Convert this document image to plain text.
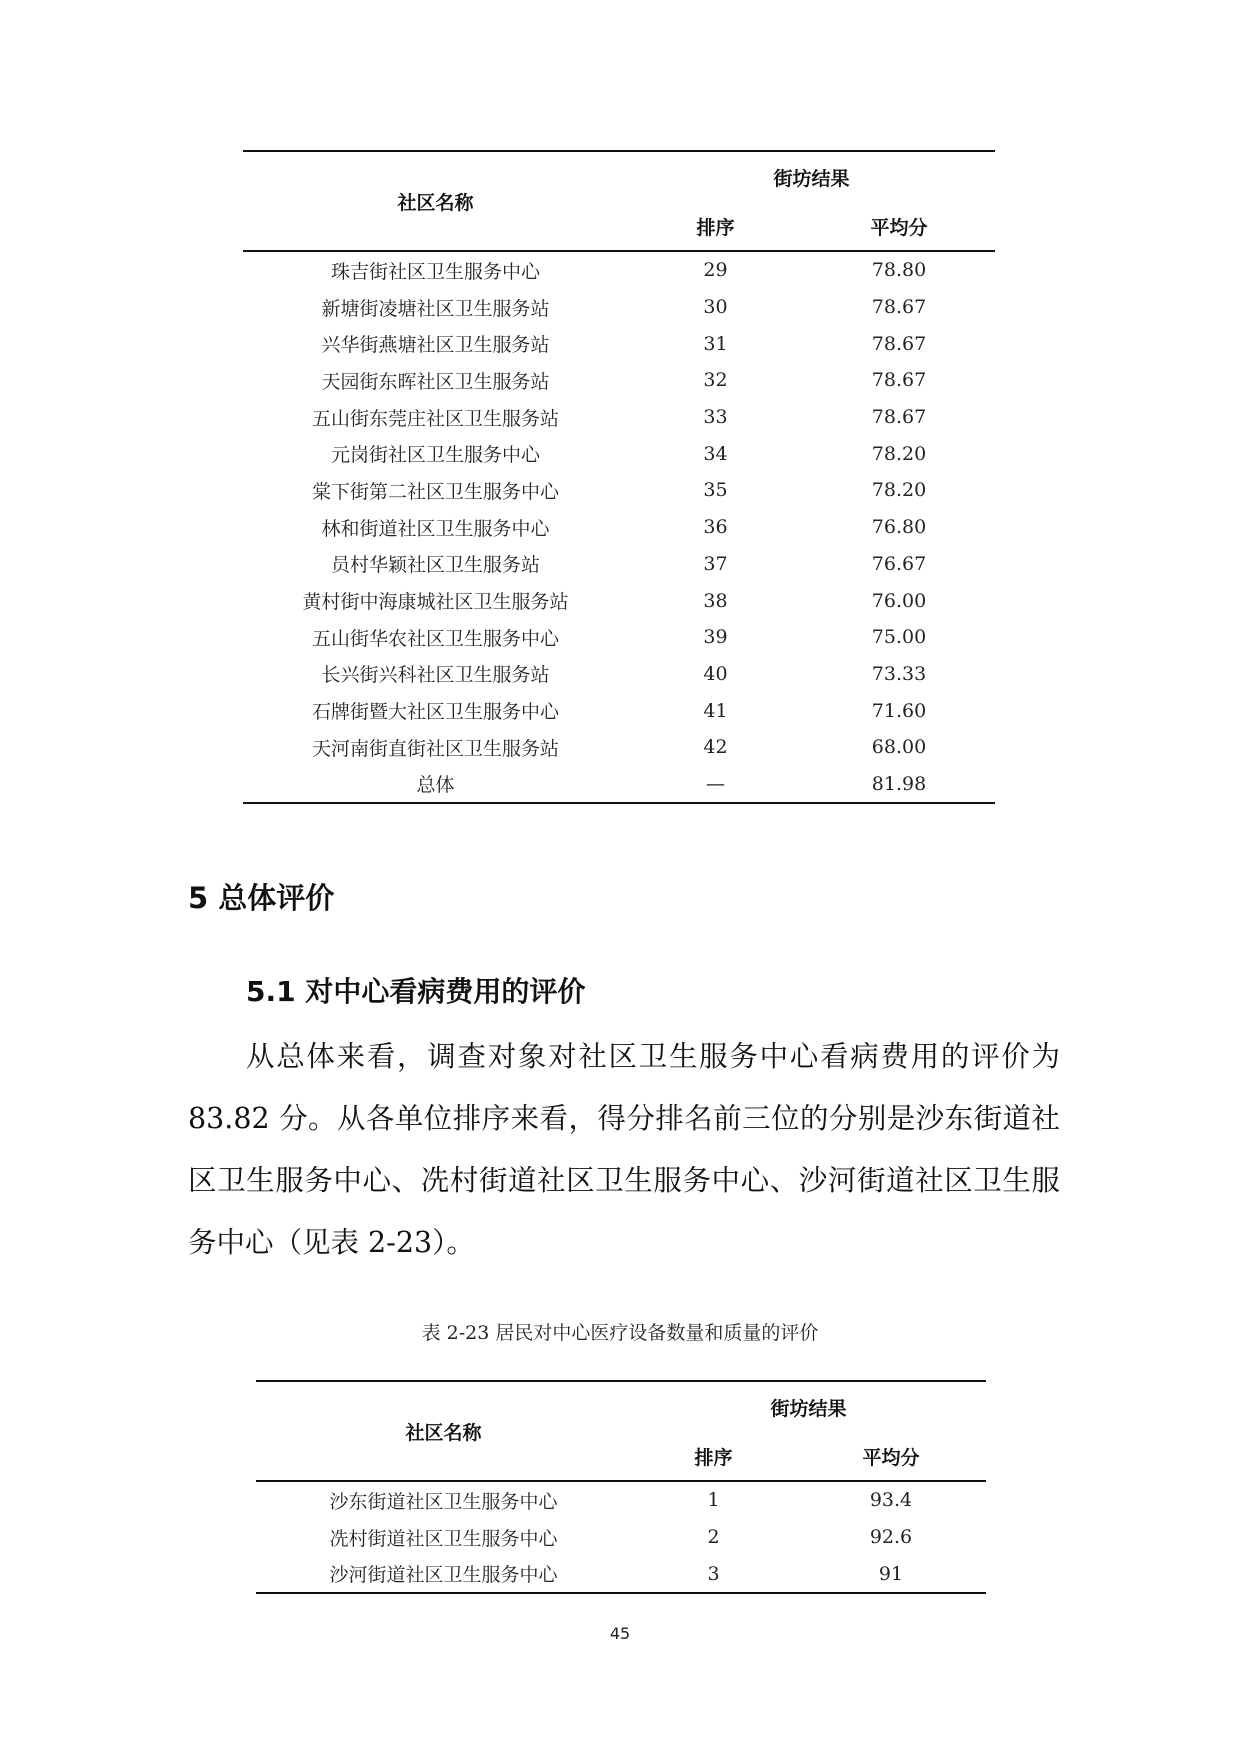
社区名称	街坊结果	
	排序	平均分
珠吉街社区卫生服务中心	29	78.80
新塘街凌塘社区卫生服务站	30	78.67
兴华街燕塘社区卫生服务站	31	78.67
天园街东晖社区卫生服务站	32	78.67
五山街东莞庄社区卫生服务站	33	78.67
元岗街社区卫生服务中心	34	78.20
棠下街第二社区卫生服务中心	35	78.20
林和街道社区卫生服务中心	36	76.80
员村华颖社区卫生服务站	37	76.67
黄村街中海康城社区卫生服务站	38	76.00
五山街华农社区卫生服务中心	39	75.00
长兴街兴科社区卫生服务站	40	73.33
石牌街暨大社区卫生服务中心	41	71.60
天河南街直街社区卫生服务站	42	68.00
总体	—	81.98
5 总体评价
5.1 对中心看病费用的评价

从总体来看，调查对象对社区卫生服务中心看病费用的评价为 83.82 分。从各单位排序来看，得分排名前三位的分别是沙东街道社区卫生服务中心、冼村街道社区卫生服务中心、沙河街道社区卫生服务中心（见表 2-23）。

表 2-23 居民对中心医疗设备数量和质量的评价
社区名称	街坊结果	
	排序	平均分
沙东街道社区卫生服务中心	1	93.4
冼村街道社区卫生服务中心	2	92.6
沙河街道社区卫生服务中心	3	91
45
